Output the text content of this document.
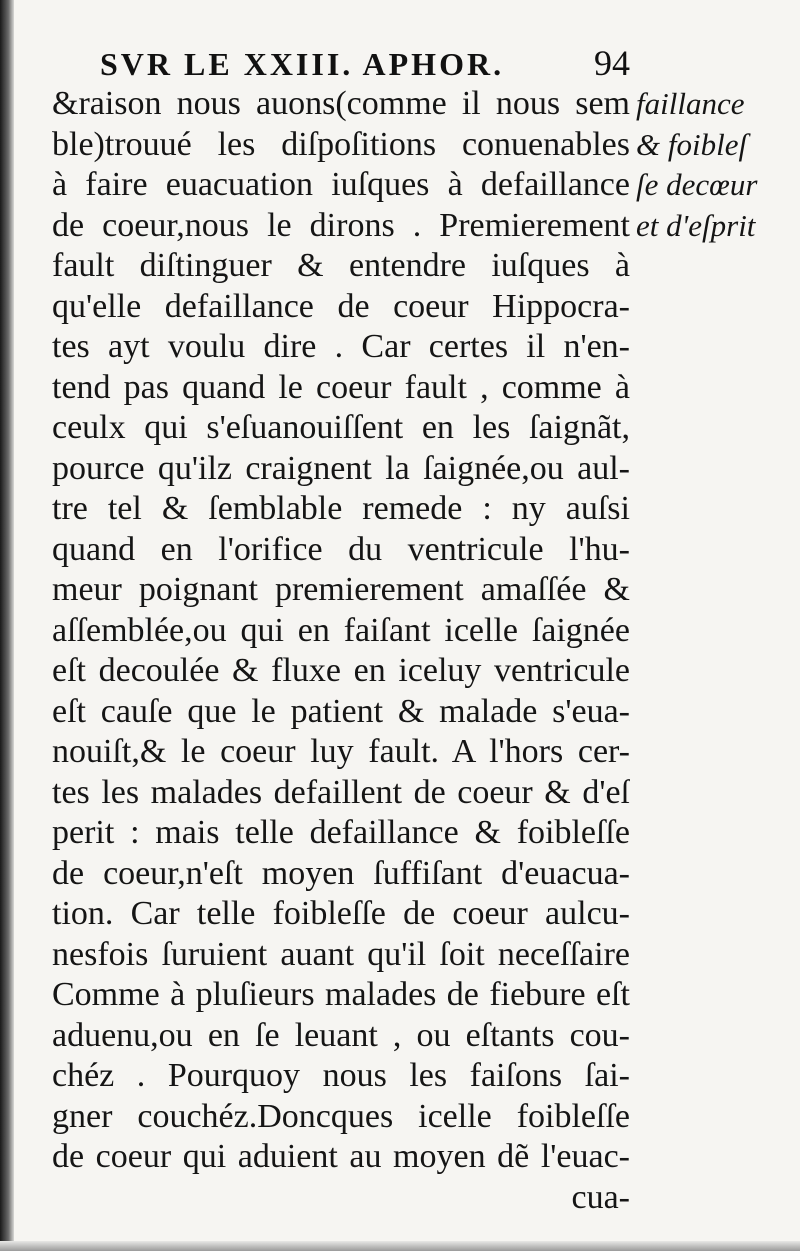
SVR LE XXIII. APHOR. 94
&raison nous auons(comme il nous sem
ble)trouué les diſpoſitions conuenables
à faire euacuation iuſques à defaillance
de coeur,nous le dirons . Premierement
fault diſtinguer & entendre iuſques à
qu'elle defaillance de coeur Hippocra-
tes ayt voulu dire . Car certes il n'en-
tend pas quand le coeur fault , comme à
ceulx qui s'eſuanouiſſent en les ſaignãt,
pource qu'ilz craignent la ſaignée,ou aul-
tre tel & ſemblable remede : ny auſsi
quand en l'orifice du ventricule l'hu-
meur poignant premierement amaſſée &
aſſemblée,ou qui en faiſant icelle ſaignée
eſt decoulée & fluxe en iceluy ventricule
eſt cauſe que le patient & malade s'eua-
nouiſt,& le coeur luy fault. A l'hors cer-
tes les malades defaillent de coeur & d'eſ
perit : mais telle defaillance & foibleſſe
de coeur,n'eſt moyen ſuffiſant d'euacua-
tion. Car telle foibleſſe de coeur aulcu-
nesfois ſuruient auant qu'il ſoit neceſſaire
Comme à pluſieurs malades de fiebure eſt
aduenu,ou en ſe leuant , ou eſtants cou-
chéz . Pourquoy nous les faiſons ſai-
gner couchéz.Doncques icelle foibleſſe
de coeur qui aduient au moyen dẽ l'euac-
cua-
faillance
& foibleſ
ſe decœur
et d'eſprit
